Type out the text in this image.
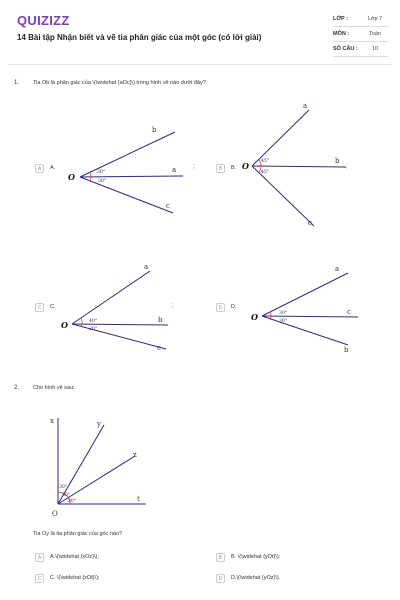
QUIZIZZ
14 Bài tập Nhận biết và vẽ tia phân giác của một góc (có lời giải)
LỚP :	Lớp 7
MÔN :	Toán
SỐ CÂU :	10
1.	Tia Ob là phân giác của \(\widehat {aOc}\) trong hình vẽ nào dưới đây?
A A.
O
b
a
c
30°
30°
;	B B. O
a
b
c
45°
45°
;
C C.
O
a
b
c
40°
20°
;	D D.
O
a
c
b
30°
30°
2.	Cho hình vẽ sau:
x	y
z
t
O
30°
30°
30°
Tia Oy là tia phân giác của góc nào?
A A.\(\widehat {xOz}\);	B B. \(\widehat {yOt}\);
C C. \(\widehat {xOt}\);	D D.\(\widehat {yOz}\).
